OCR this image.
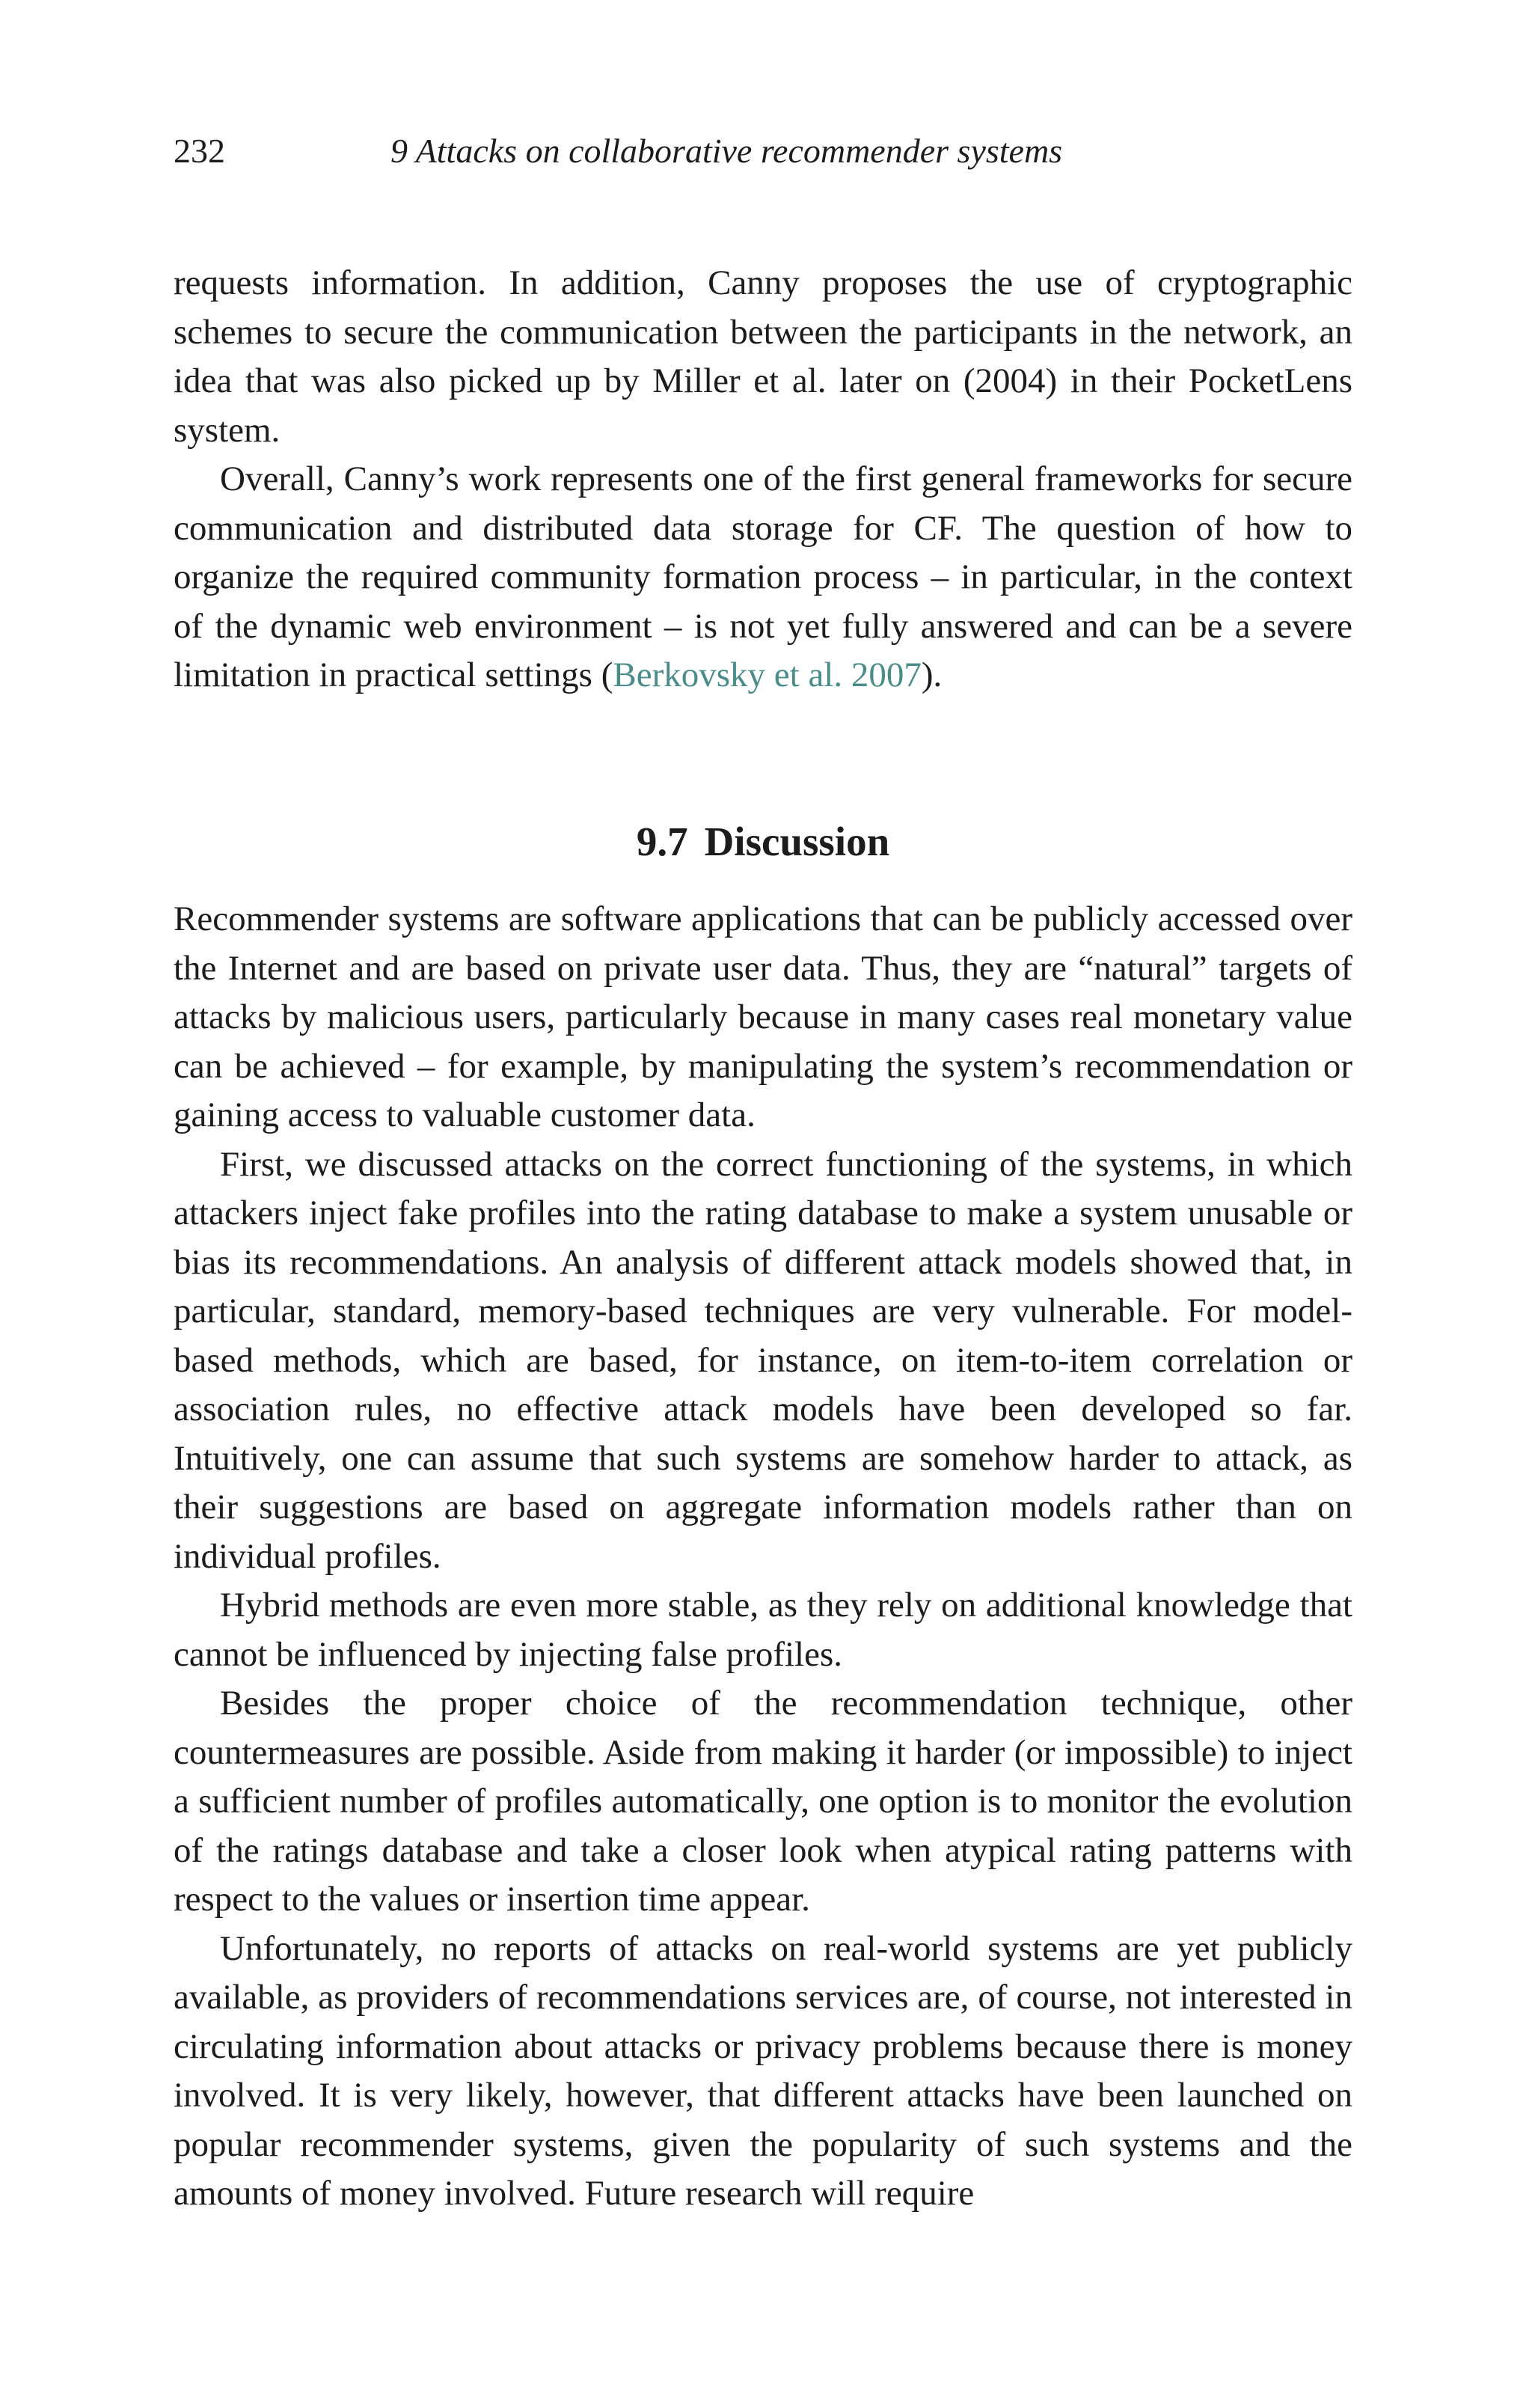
232	9 Attacks on collaborative recommender systems

requests information. In addition, Canny proposes the use of cryptographic schemes to secure the communication between the participants in the network, an idea that was also picked up by Miller et al. later on (2004) in their PocketLens system.

Overall, Canny’s work represents one of the first general frameworks for secure communication and distributed data storage for CF. The question of how to organize the required community formation process – in particular, in the context of the dynamic web environment – is not yet fully answered and can be a severe limitation in practical settings (Berkovsky et al. 2007).

9.7 Discussion

Recommender systems are software applications that can be publicly accessed over the Internet and are based on private user data. Thus, they are “natural” targets of attacks by malicious users, particularly because in many cases real monetary value can be achieved – for example, by manipulating the system’s recommendation or gaining access to valuable customer data.

First, we discussed attacks on the correct functioning of the systems, in which attackers inject fake profiles into the rating database to make a system unusable or bias its recommendations. An analysis of different attack models showed that, in particular, standard, memory-based techniques are very vulnerable. For model-based methods, which are based, for instance, on item-to-item correlation or association rules, no effective attack models have been developed so far. Intuitively, one can assume that such systems are somehow harder to attack, as their suggestions are based on aggregate information models rather than on individual profiles.

Hybrid methods are even more stable, as they rely on additional knowledge that cannot be influenced by injecting false profiles.

Besides the proper choice of the recommendation technique, other countermeasures are possible. Aside from making it harder (or impossible) to inject a sufficient number of profiles automatically, one option is to monitor the evolution of the ratings database and take a closer look when atypical rating patterns with respect to the values or insertion time appear.

Unfortunately, no reports of attacks on real-world systems are yet publicly available, as providers of recommendations services are, of course, not interested in circulating information about attacks or privacy problems because there is money involved. It is very likely, however, that different attacks have been launched on popular recommender systems, given the popularity of such systems and the amounts of money involved. Future research will require
